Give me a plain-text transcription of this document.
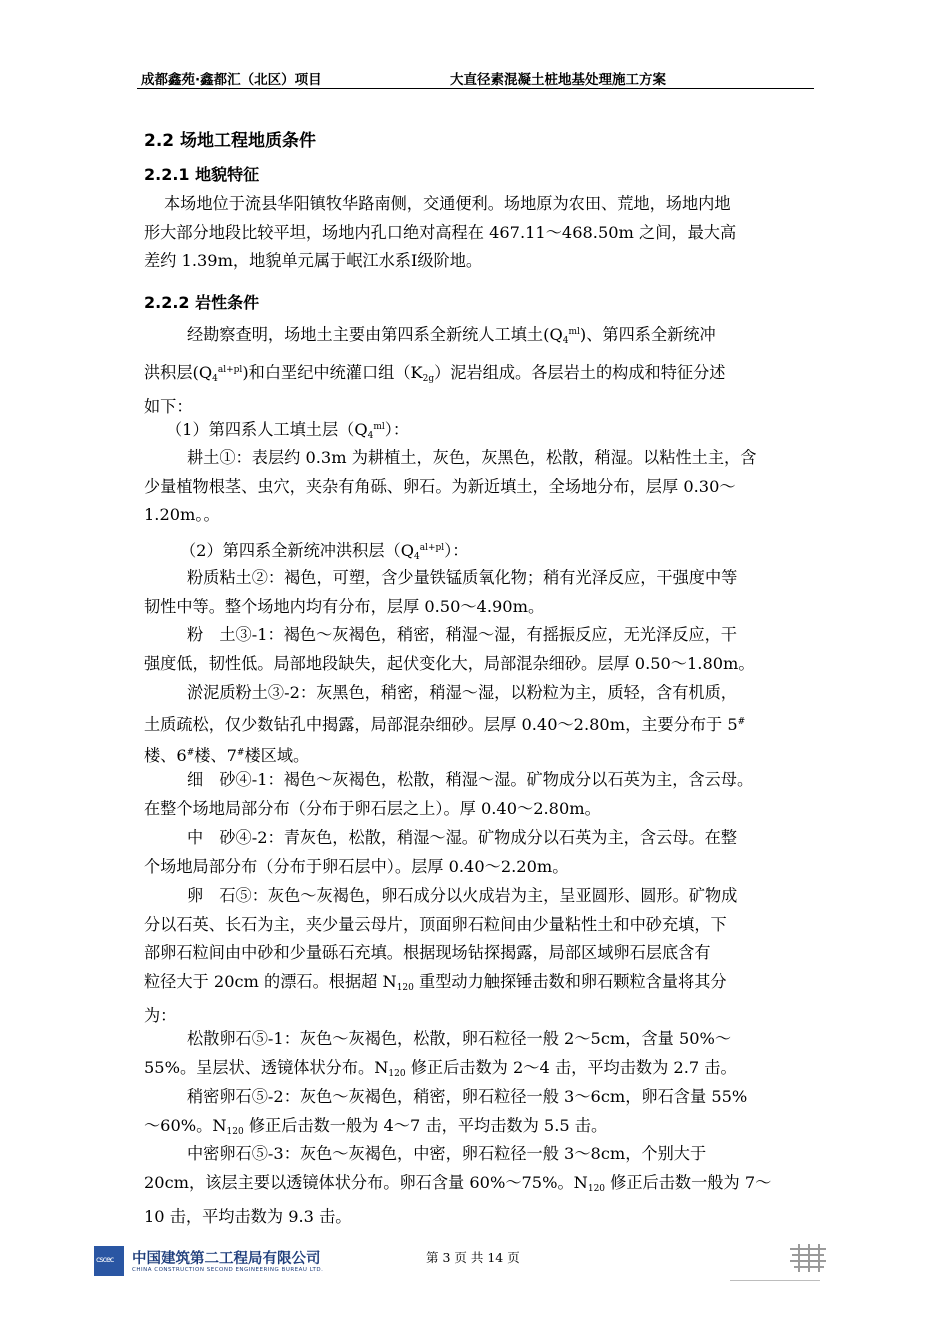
成都鑫苑·鑫都汇（北区）项目	大直径素混凝土桩地基处理施工方案
2.2 场地工程地质条件
2.2.1 地貌特征
本场地位于流县华阳镇牧华路南侧，交通便利。场地原为农田、荒地，场地内地
形大部分地段比较平坦，场地内孔口绝对高程在 467.11～468.50m 之间，最大高
差约 1.39m，地貌单元属于岷江水系Ⅰ级阶地。
2.2.2 岩性条件
经勘察查明，场地土主要由第四系全新统人工填土$(Q_4^{ml})$、第四系全新统冲
洪积层$(Q_4^{al+pl})$和白垩纪中统灌口组$(K_{2g})$泥岩组成。各层岩土的构成和特征分述
如下：
（1）第四系人工填土层$(Q_4^{ml})$：
耕土①：表层约 0.3m 为耕植土，灰色，灰黑色，松散，稍湿。以粘性土主，含
少量植物根茎、虫穴，夹杂有角砾、卵石。为新近填土，全场地分布，层厚 0.30～
1.20m。。
（2）第四系全新统冲洪积层$(Q_4^{al+pl})$：
粉质粘土②：褐色，可塑，含少量铁锰质氧化物；稍有光泽反应，干强度中等
韧性中等。整个场地内均有分布，层厚 0.50～4.90m。
粉　土③-1：褐色～灰褐色，稍密，稍湿～湿，有摇振反应，无光泽反应，干
强度低，韧性低。局部地段缺失，起伏变化大，局部混杂细砂。层厚 0.50～1.80m。
淤泥质粉土③-2：灰黑色，稍密，稍湿～湿，以粉粒为主，质轻，含有机质，
土质疏松，仅少数钻孔中揭露，局部混杂细砂。层厚 0.40～2.80m，主要分布于 5#
楼、6#楼、7#楼区域。
细　砂④-1：褐色～灰褐色，松散，稍湿～湿。矿物成分以石英为主，含云母。
在整个场地局部分布（分布于卵石层之上）。厚 0.40～2.80m。
中　砂④-2：青灰色，松散，稍湿～湿。矿物成分以石英为主，含云母。在整
个场地局部分布（分布于卵石层中）。层厚 0.40～2.20m。
卵　石⑤：灰色～灰褐色，卵石成分以火成岩为主，呈亚圆形、圆形。矿物成
分以石英、长石为主，夹少量云母片，顶面卵石粒间由少量粘性土和中砂充填，下
部卵石粒间由中砂和少量砾石充填。根据现场钻探揭露，局部区域卵石层底含有
粒径大于 20cm 的漂石。根据超 $N_{120}$ 重型动力触探锤击数和卵石颗粒含量将其分
为：
松散卵石⑤-1：灰色～灰褐色，松散，卵石粒径一般 2～5cm，含量 50%～
55%。呈层状、透镜体状分布。$N_{120}$ 修正后击数为 2～4 击，平均击数为 2.7 击。
稍密卵石⑤-2：灰色～灰褐色，稍密，卵石粒径一般 3～6cm，卵石含量 55%
～60%。$N_{120}$ 修正后击数一般为 4～7 击，平均击数为 5.5 击。
中密卵石⑤-3：灰色～灰褐色，中密，卵石粒径一般 3～8cm，个别大于
20cm，该层主要以透镜体状分布。卵石含量 60%～75%。$N_{120}$ 修正后击数一般为 7～
10 击，平均击数为 9.3 击。
cscec 中国建筑第二工程局有限公司
CHINA CONSTRUCTION SECOND ENGINEERING BUREAU LTD.
第 3 页 共 14 页
